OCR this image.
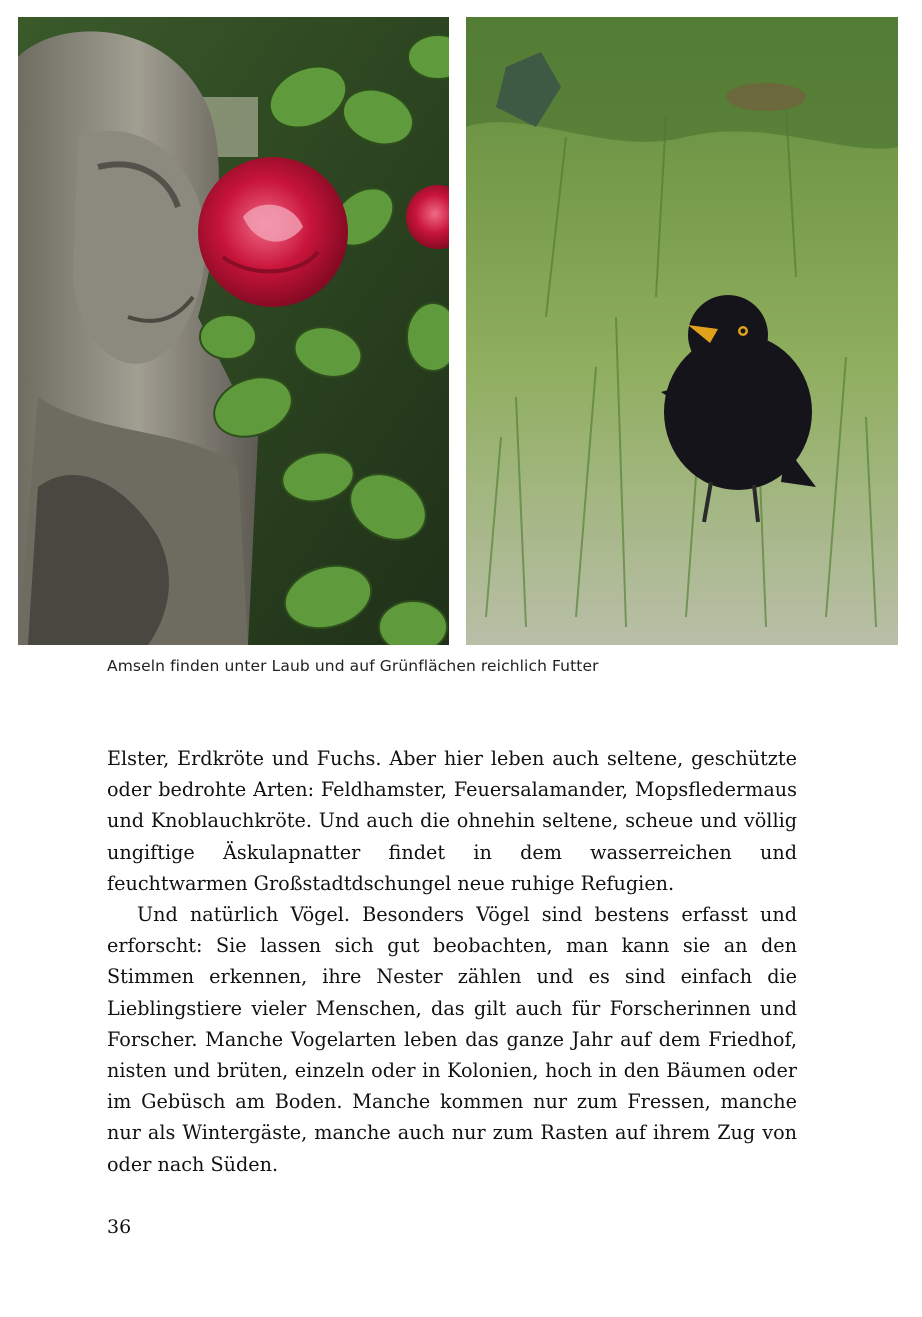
Amseln finden unter Laub und auf Grünflächen reichlich Futter

Elster, Erdkröte und Fuchs. Aber hier leben auch seltene, geschützte oder bedrohte Arten: Feldhamster, Feuersalamander, Mopsfledermaus und Knoblauchkröte. Und auch die ohnehin seltene, scheue und völlig ungiftige Äskulapnatter findet in dem wasserreichen und feuchtwarmen Großstadtdschungel neue ruhige Refugien.

Und natürlich Vögel. Besonders Vögel sind bestens erfasst und erforscht: Sie lassen sich gut beobachten, man kann sie an den Stimmen erkennen, ihre Nester zählen und es sind einfach die Lieblingstiere vieler Menschen, das gilt auch für Forscherinnen und Forscher. Manche Vogelarten leben das ganze Jahr auf dem Friedhof, nisten und brüten, einzeln oder in Kolonien, hoch in den Bäumen oder im Gebüsch am Boden. Manche kommen nur zum Fressen, manche nur als Wintergäste, manche auch nur zum Rasten auf ihrem Zug von oder nach Süden.

36
